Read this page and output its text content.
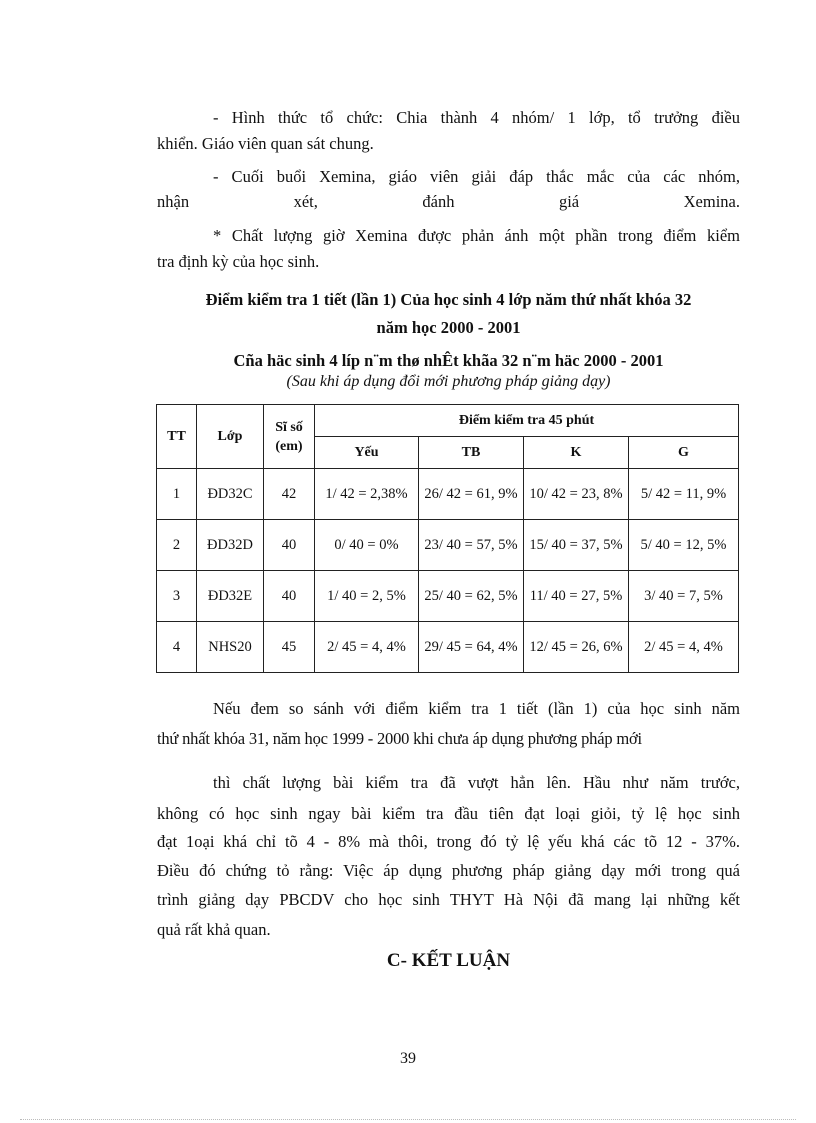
- Hình thức tổ chức: Chia thành 4 nhóm/ 1 lớp, tổ trưởng điều

khiển. Giáo viên quan sát chung.

- Cuối buổi Xemina, giáo viên giải đáp thắc mắc của các nhóm,

nhận xét, đánh giá Xemina.

* Chất lượng giờ Xemina được phản ánh một phần trong điểm kiểm

tra định kỳ của học sinh.

Điểm kiểm tra 1 tiết (lần 1) Của học sinh 4 lớp năm thứ nhất khóa 32

năm học 2000 - 2001

Cña häc sinh 4 líp n¨m thø nhÊt khãa 32 n¨m häc 2000 - 2001

(Sau khi áp dụng đổi mới phương pháp giảng dạy)

TT	Lớp	Sĩ số (em)	Điểm kiểm tra 45 phút			
			Yếu	TB	K	G
1	ĐD32C	42	1/ 42 = 2,38%	26/ 42 = 61, 9%	10/ 42 = 23, 8%	5/ 42 = 11, 9%
2	ĐD32D	40	0/ 40 = 0%	23/ 40 = 57, 5%	15/ 40 = 37, 5%	5/ 40 = 12, 5%
3	ĐD32E	40	1/ 40 = 2, 5%	25/ 40 = 62, 5%	11/ 40 = 27, 5%	3/ 40 = 7, 5%
4	NHS20	45	2/ 45 = 4, 4%	29/ 45 = 64, 4%	12/ 45 = 26, 6%	2/ 45 = 4, 4%

Nếu đem so sánh với điểm kiểm tra 1 tiết (lần 1) của học sinh năm

thứ nhất khóa 31, năm học 1999 - 2000 khi chưa áp dụng phương pháp mới

thì chất lượng bài kiểm tra đã vượt hẳn lên. Hầu như năm trước,

không có học sinh ngay bài kiểm tra đầu tiên đạt loại giỏi, tỷ lệ học sinh

đạt 1oại khá chỉ tõ 4 - 8% mà thôi, trong đó tỷ lệ yếu khá các tõ 12 - 37%.

Điều đó chứng tỏ rằng: Việc áp dụng phương pháp giảng dạy mới trong quá

trình giảng dạy PBCDV cho học sinh THYT Hà Nội đã mang lại những kết

quả rất khả quan.

C- KẾT LUẬN

39
